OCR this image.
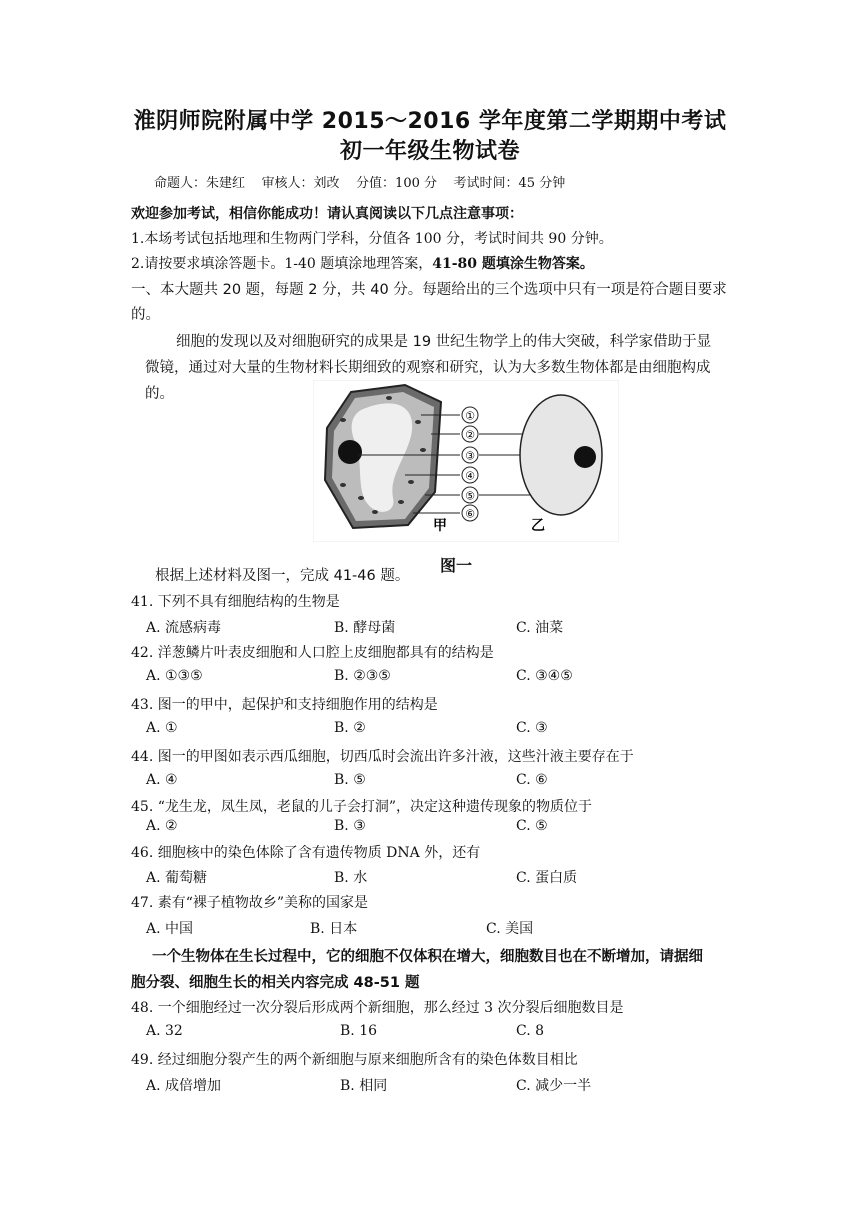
淮阴师院附属中学 2015～2016 学年度第二学期期中考试
初一年级生物试卷
命题人：朱建红    审核人：刘改    分值：100 分    考试时间：45 分钟
欢迎参加考试，相信你能成功！请认真阅读以下几点注意事项：
1.本场考试包括地理和生物两门学科，分值各 100 分，考试时间共 90 分钟。
2.请按要求填涂答题卡。1-40 题填涂地理答案，41-80 题填涂生物答案。
一、本大题共 20 题，每题 2 分，共 40 分。每题给出的三个选项中只有一项是符合题目要求
的。
细胞的发现以及对细胞研究的成果是 19 世纪生物学上的伟大突破，科学家借助于显
微镜，通过对大量的生物材料长期细致的观察和研究，认为大多数生物体都是由细胞构成
的。
①
②
③
④
⑤
⑥
甲	乙
图一
根据上述材料及图一，完成 41-46 题。
41. 下列不具有细胞结构的生物是
A. 流感病毒	B. 酵母菌	C. 油菜
42. 洋葱鳞片叶表皮细胞和人口腔上皮细胞都具有的结构是
A. ①③⑤	B. ②③⑤	C. ③④⑤
43. 图一的甲中，起保护和支持细胞作用的结构是
A. ①	B. ②	C. ③
44. 图一的甲图如表示西瓜细胞，切西瓜时会流出许多汁液，这些汁液主要存在于
A. ④	B. ⑤	C. ⑥
45. “龙生龙，凤生凤，老鼠的儿子会打洞”，决定这种遗传现象的物质位于
A. ②	B. ③	C. ⑤
46. 细胞核中的染色体除了含有遗传物质 DNA 外，还有
A. 葡萄糖	B. 水	C. 蛋白质
47. 素有“裸子植物故乡”美称的国家是
A. 中国	B. 日本	C. 美国
一个生物体在生长过程中，它的细胞不仅体积在增大，细胞数目也在不断增加，请据细
胞分裂、细胞生长的相关内容完成 48-51 题
48. 一个细胞经过一次分裂后形成两个新细胞，那么经过 3 次分裂后细胞数目是
A. 32	B. 16	C. 8
49. 经过细胞分裂产生的两个新细胞与原来细胞所含有的染色体数目相比
A. 成倍增加	B. 相同	C. 减少一半
